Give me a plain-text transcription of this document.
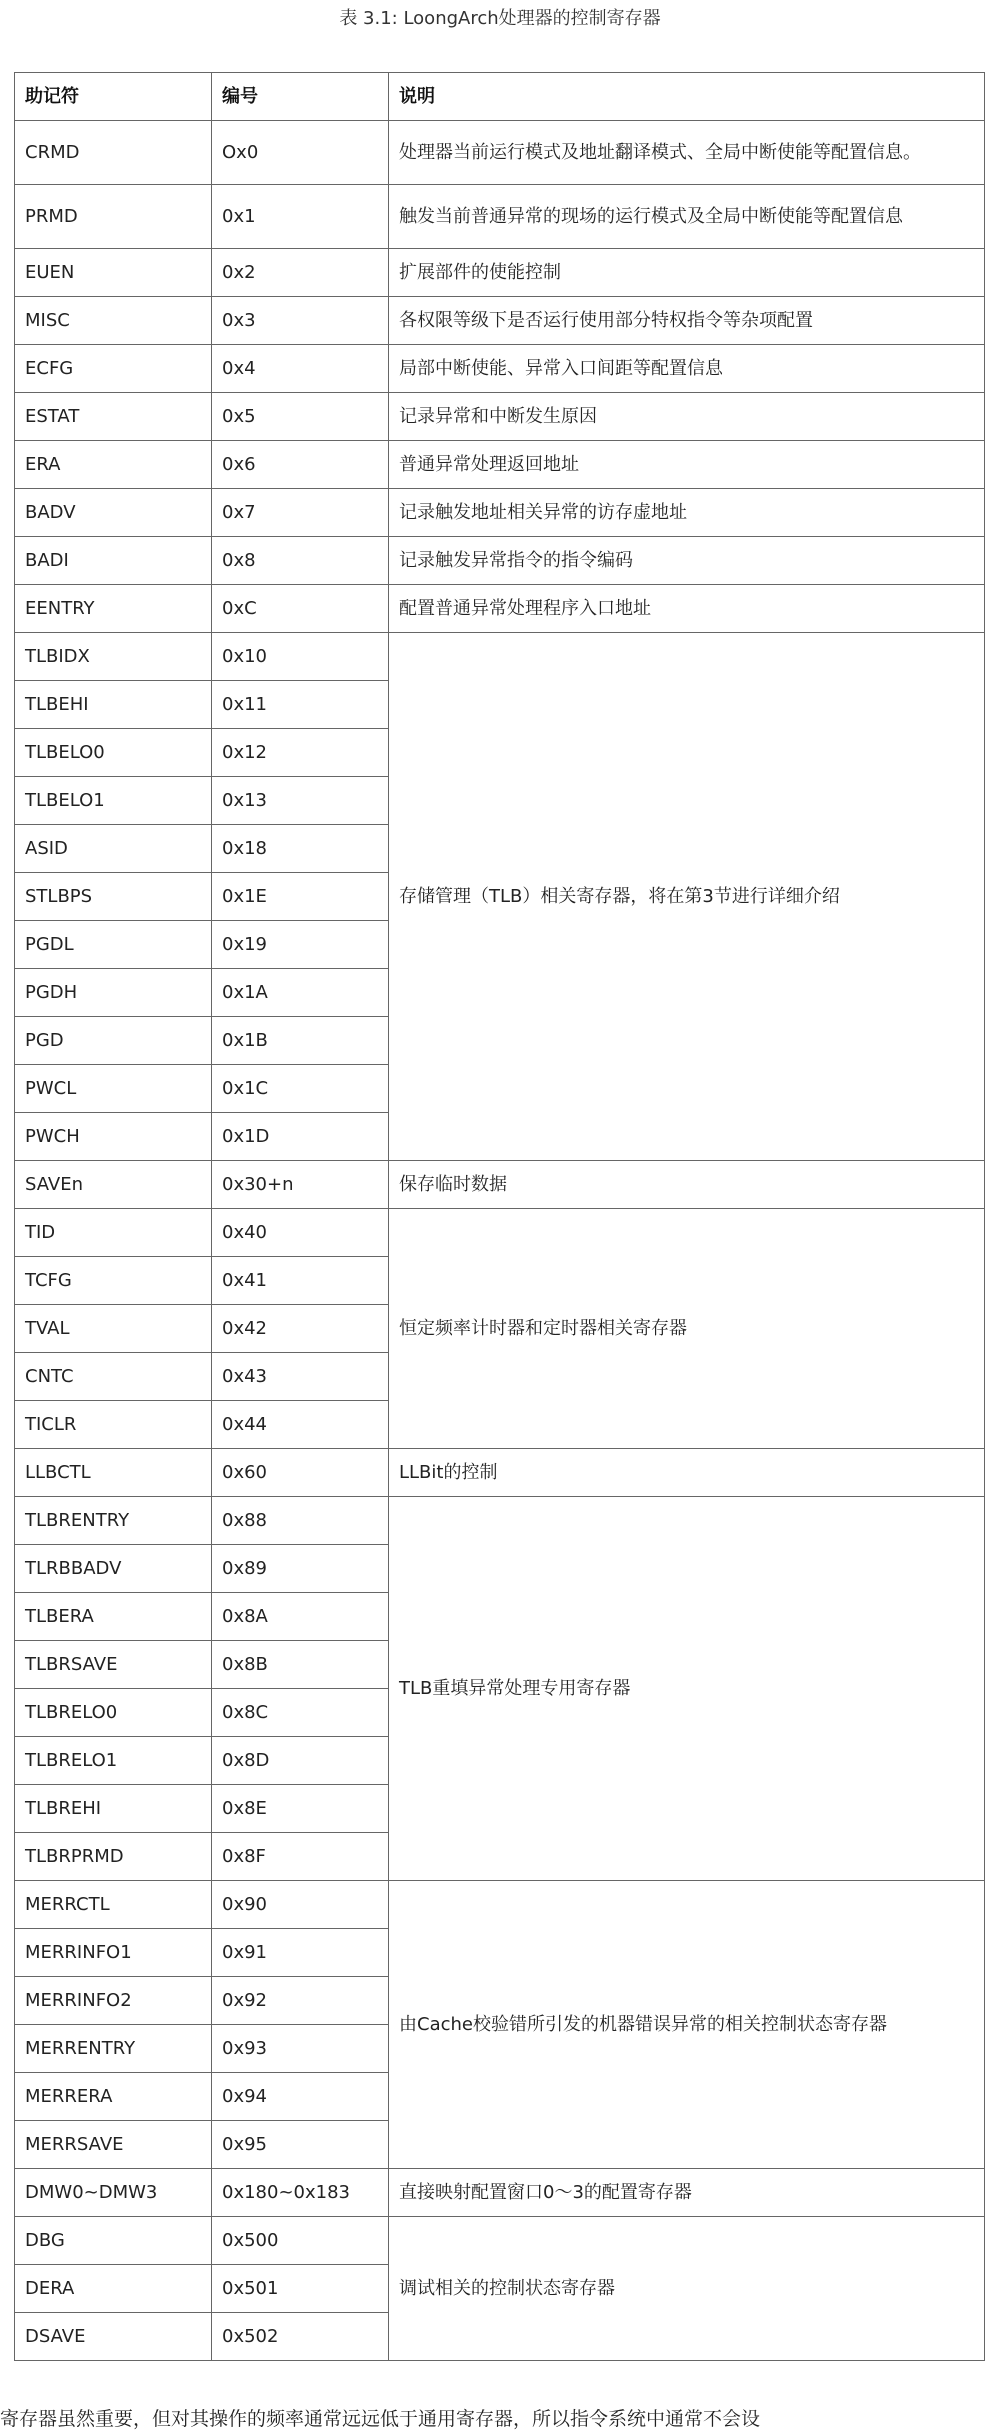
表 3.1: LoongArch处理器的控制寄存器
助记符	编号	说明
CRMD	Ox0	处理器当前运行模式及地址翻译模式、全局中断使能等配置信息。
PRMD	0x1	触发当前普通异常的现场的运行模式及全局中断使能等配置信息
EUEN	0x2	扩展部件的使能控制
MISC	0x3	各权限等级下是否运行使用部分特权指令等杂项配置
ECFG	0x4	局部中断使能、异常入口间距等配置信息
ESTAT	0x5	记录异常和中断发生原因
ERA	0x6	普通异常处理返回地址
BADV	0x7	记录触发地址相关异常的访存虚地址
BADI	0x8	记录触发异常指令的指令编码
EENTRY	0xC	配置普通异常处理程序入口地址
TLBIDX	0x10	存储管理（TLB）相关寄存器，将在第3节进行详细介绍
TLBEHI	0x11	
TLBELO0	0x12	
TLBELO1	0x13	
ASID	0x18	
STLBPS	0x1E	
PGDL	0x19	
PGDH	0x1A	
PGD	0x1B	
PWCL	0x1C	
PWCH	0x1D	
SAVEn	0x30+n	保存临时数据
TID	0x40	恒定频率计时器和定时器相关寄存器
TCFG	0x41	
TVAL	0x42	
CNTC	0x43	
TICLR	0x44	
LLBCTL	0x60	LLBit的控制
TLBRENTRY	0x88	TLB重填异常处理专用寄存器
TLRBBADV	0x89	
TLBERA	0x8A	
TLBRSAVE	0x8B	
TLBRELO0	0x8C	
TLBRELO1	0x8D	
TLBREHI	0x8E	
TLBRPRMD	0x8F	
MERRCTL	0x90	由Cache校验错所引发的机器错误异常的相关控制状态寄存器
MERRINFO1	0x91	
MERRINFO2	0x92	
MERRENTRY	0x93	
MERRERA	0x94	
MERRSAVE	0x95	
DMW0~DMW3	0x180~0x183	直接映射配置窗口0～3的配置寄存器
DBG	0x500	调试相关的控制状态寄存器
DERA	0x501	
DSAVE	0x502	
寄存器虽然重要，但对其操作的频率通常远远低于通用寄存器，所以指令系统中通常不会设
